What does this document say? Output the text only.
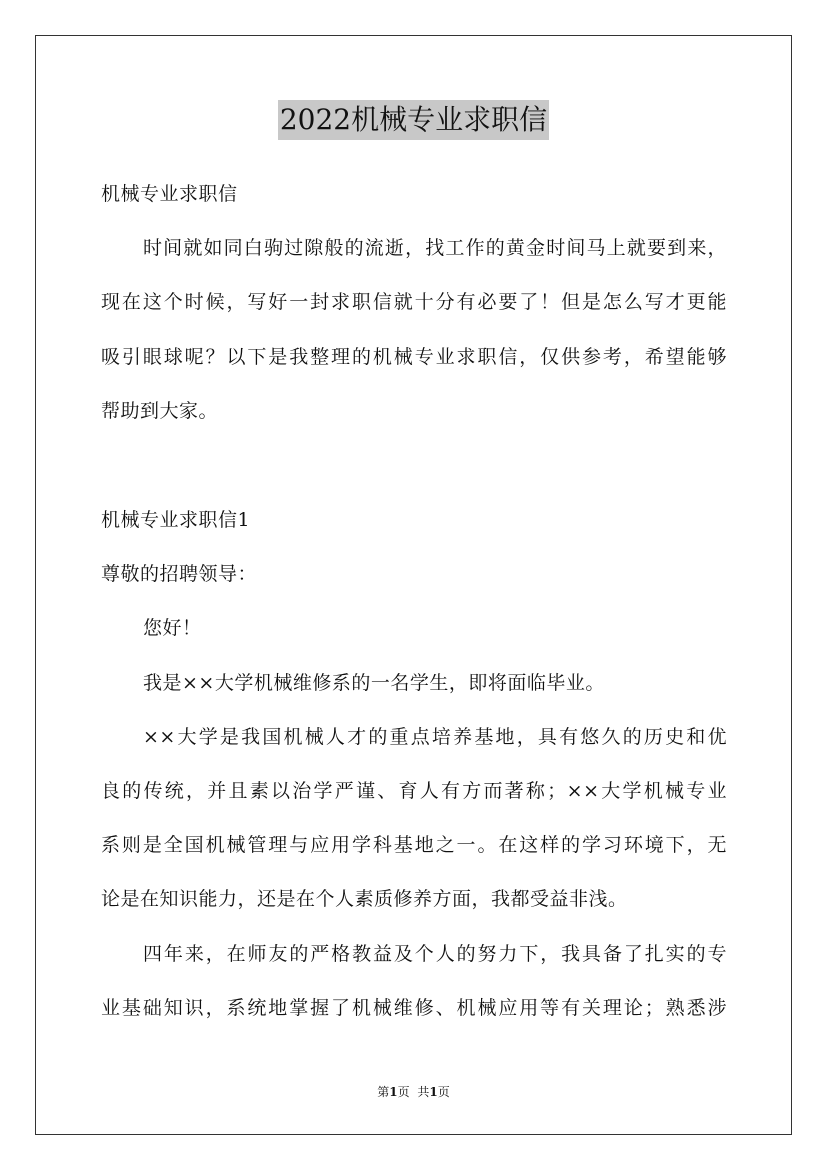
2022机械专业求职信
机械专业求职信
时间就如同白驹过隙般的流逝，找工作的黄金时间马上就要到来，
现在这个时候，写好一封求职信就十分有必要了！但是怎么写才更能
吸引眼球呢？以下是我整理的机械专业求职信，仅供参考，希望能够
帮助到大家。
机械专业求职信1
尊敬的招聘领导：
您好！
我是××大学机械维修系的一名学生，即将面临毕业。
××大学是我国机械人才的重点培养基地，具有悠久的历史和优
良的传统，并且素以治学严谨、育人有方而著称；××大学机械专业
系则是全国机械管理与应用学科基地之一。在这样的学习环境下，无
论是在知识能力，还是在个人素质修养方面，我都受益非浅。
四年来，在师友的严格教益及个人的努力下，我具备了扎实的专
业基础知识，系统地掌握了机械维修、机械应用等有关理论；熟悉涉
第1页 共1页
